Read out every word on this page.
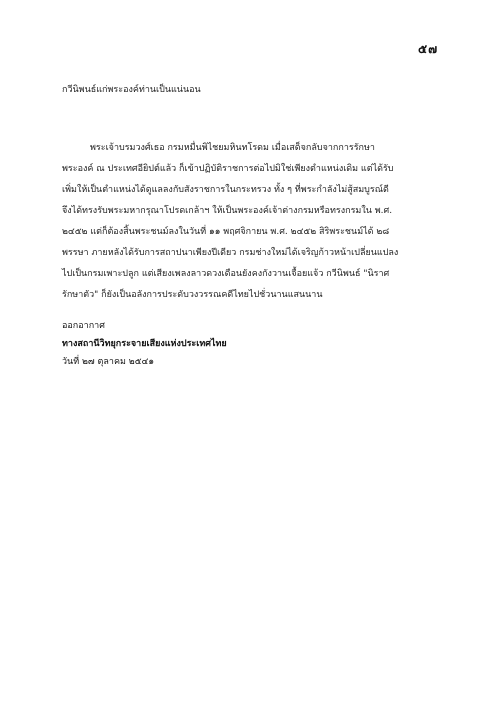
๕๗
กวีนิพนธ์แก่พระองค์ท่านเป็นแน่นอน
พระเจ้าบรมวงศ์เธอ กรมหมื่นพิไชยมหินทโรดม เมื่อเสด็จกลับจากการรักษา
พระองค์ ณ ประเทศอียิปต์แล้ว ก็เข้าปฏิบัติราชการต่อไปมิใช่เพียงตำแหน่งเดิม แต่ได้รับ
เพิ่มให้เป็นตำแหน่งได้ดูแลลงกับสังราชการในกระทรวง ทั้ง ๆ ที่พระกำลังไม่สู้สมบูรณ์ดี
จึงได้ทรงรับพระมหากรุณาโปรดเกล้าฯ ให้เป็นพระองค์เจ้าต่างกรมหรือทรงกรมใน พ.ศ.
๒๔๕๒ แต่ก็ต้องสิ้นพระชนม์ลงในวันที่ ๑๑ พฤศจิกายน พ.ศ. ๒๔๕๒ สิริพระชนม์ได้ ๒๘
พรรษา ภายหลังได้รับการสถาปนาเพียงปีเดียว กรมช่างใหม่ได้เจริญก้าวหน้าเปลี่ยนแปลง
ไปเป็นกรมเพาะปลูก แต่เสียงเพลงลาวดวงเดือนยังคงกังวานเจื้อยแจ้ว กวีนิพนธ์ "นิราศ
รักษาตัว" ก็ยังเป็นอลังการประดับวงวรรณคดีไทยไปชั่วนานแสนนาน
ออกอากาศ
ทางสถานีวิทยุกระจายเสียงแห่งประเทศไทย
วันที่ ๒๗ ตุลาคม ๒๕๔๑
